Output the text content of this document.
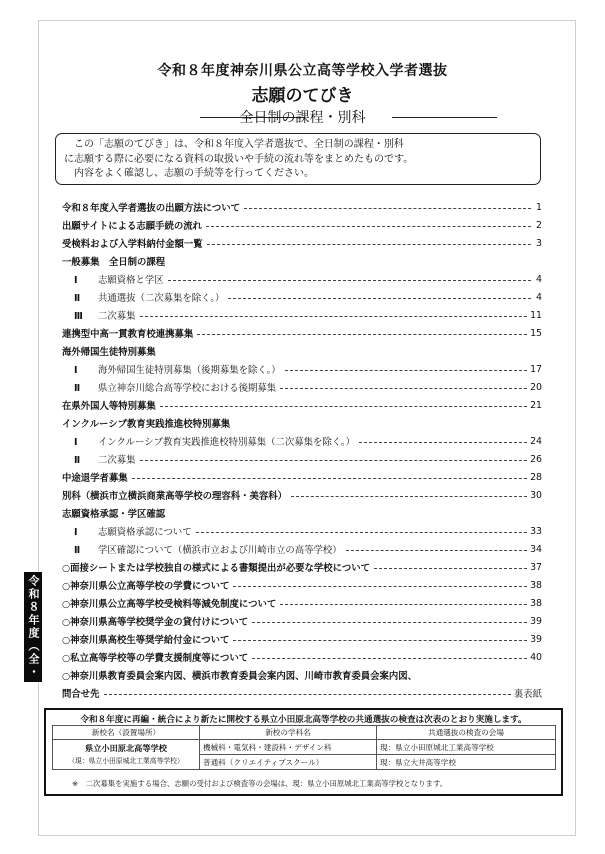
令和８年度神奈川県公立高等学校入学者選抜
志願のてびき
全日制の課程・別科
この「志願のてびき」は、令和８年度入学者選抜で、全日制の課程・別科
に志願する際に必要になる資料の取扱いや手続の流れ等をまとめたものです。
内容をよく確認し、志願の手続等を行ってください。
令和８年度入学者選抜の出願方法について	1
出願サイトによる志願手続の流れ	2
受検料および入学料納付金額一覧	3
一般募集　全日制の課程
Ⅰ 志願資格と学区	4
Ⅱ 共通選抜（二次募集を除く。）	4
Ⅲ 二次募集	11
連携型中高一貫教育校連携募集	15
海外帰国生徒特別募集
Ⅰ 海外帰国生徒特別募集（後期募集を除く。）	17
Ⅱ 県立神奈川総合高等学校における後期募集	20
在県外国人等特別募集	21
インクルーシブ教育実践推進校特別募集
Ⅰ インクルーシブ教育実践推進校特別募集（二次募集を除く。）	24
Ⅱ 二次募集	26
中途退学者募集	28
別科（横浜市立横浜商業高等学校の理容科・美容科）	30
志願資格承認・学区確認
Ⅰ 志願資格承認について	33
Ⅱ 学区確認について（横浜市立および川崎市立の高等学校）	34
○面接シートまたは学校独自の様式による書類提出が必要な学校について	37
○神奈川県公立高等学校の学費について	38
○神奈川県公立高等学校受検料等減免制度について	38
○神奈川県高等学校奨学金の貸付けについて	39
○神奈川県高校生等奨学給付金について	39
○私立高等学校等の学費支援制度等について	40
○神奈川県教育委員会案内図、横浜市教育委員会案内図、川崎市教育委員会案内図、
問合せ先	裏表紙
令和８年度（全・別）
令和８年度に再編・統合により新たに開校する県立小田原北高等学校の共通選抜の検査は次表のとおり実施します。
新校名（設置場所）	新校の学科名	共通選抜の検査の会場

県立小田原北高等学校
（現：県立小田原城北工業高等学校）	機械科・電気科・建設科・デザイン科	現：県立小田原城北工業高等学校
	普通科（クリエイティブスクール）	現：県立大井高等学校
※　二次募集を実施する場合、志願の受付および検査等の会場は、現：県立小田原城北工業高等学校となります。
